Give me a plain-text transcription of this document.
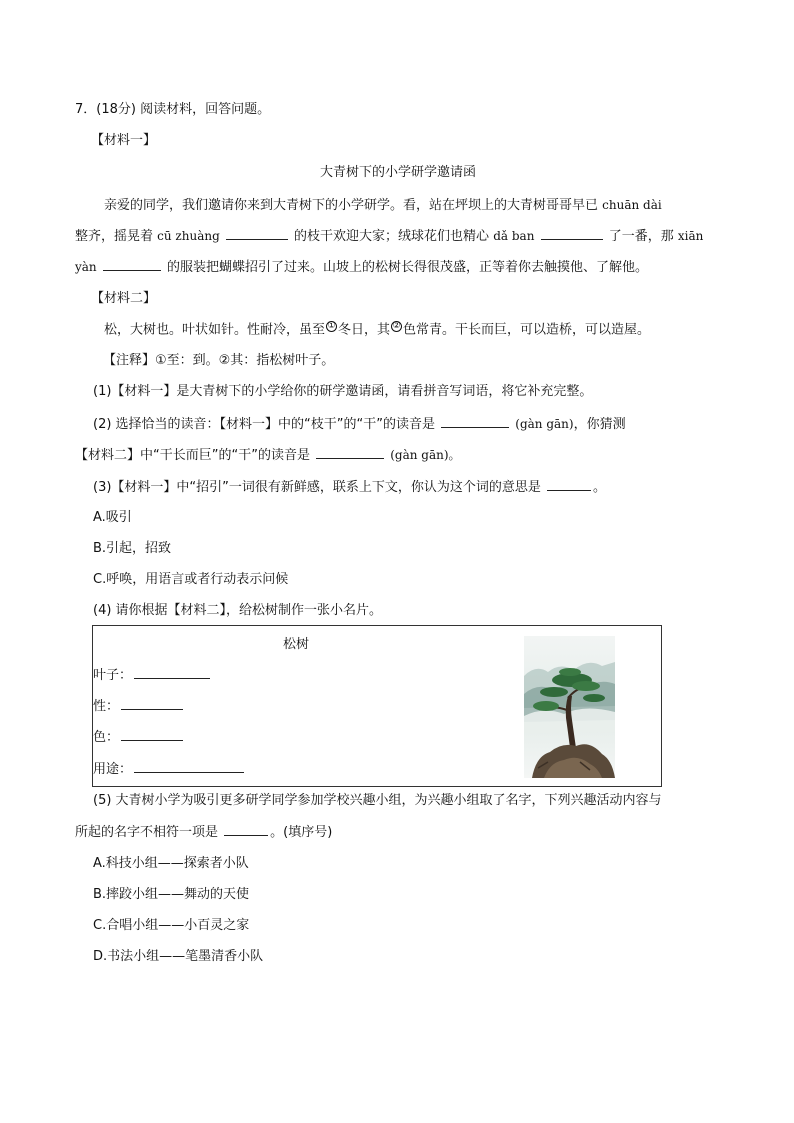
7．(18分) 阅读材料，回答问题。
【材料一】
大青树下的小学研学邀请函
亲爱的同学，我们邀请你来到大青树下的小学研学。看，站在坪坝上的大青树哥哥早已 chuān dài
整齐，摇晃着 cū zhuàng	的枝干欢迎大家；绒球花们也精心 dǎ ban	了一番，那 xiān
yàn	的服装把蝴蝶招引了过来。山坡上的松树长得很茂盛，正等着你去触摸他、了解他。
【材料二】
松，大树也。叶状如针。性耐冷，虽至 ① 冬日，其 ② 色常青。干长而巨，可以造桥，可以造屋。
【注释】①至：到。②其：指松树叶子。
(1)【材料一】是大青树下的小学给你的研学邀请函，请看拼音写词语，将它补充完整。
(2) 选择恰当的读音：【材料一】中的“枝干”的“干”的读音是	(gàn gān)，你猜测
【材料二】中“干长而巨”的“干”的读音是	(gàn gān)。
(3)【材料一】中“招引”一词很有新鲜感，联系上下文，你认为这个词的意思是	。
A.吸引
B.引起，招致
C.呼唤，用语言或者行动表示问候
(4) 请你根据【材料二】，给松树制作一张小名片。
松树
叶子：
性：
色：
用途：
(5) 大青树小学为吸引更多研学同学参加学校兴趣小组，为兴趣小组取了名字，下列兴趣活动内容与
所起的名字不相符一项是	。(填序号)
A.科技小组——探索者小队
B.摔跤小组——舞动的天使
C.合唱小组——小百灵之家
D.书法小组——笔墨清香小队
